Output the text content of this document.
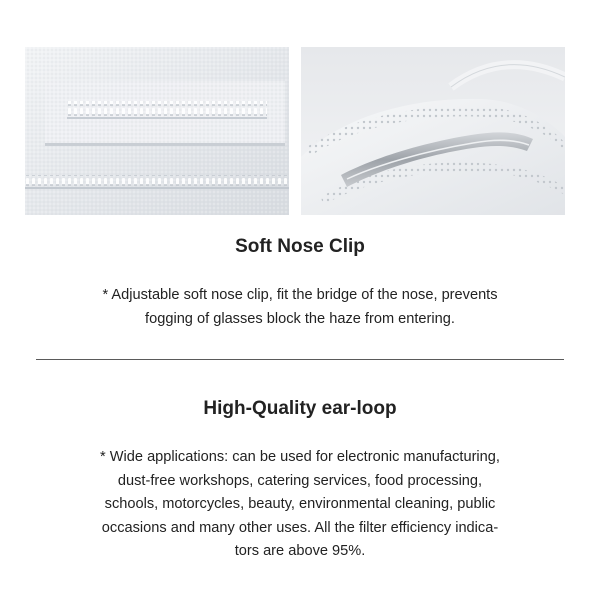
Soft Nose Clip

* Adjustable soft nose clip, fit the bridge of the nose, prevents
fogging of glasses block the haze from entering.

High-Quality ear-loop

* Wide applications: can be used for electronic manufacturing,
dust-free workshops, catering services, food processing,
schools, motorcycles, beauty, environmental cleaning, public
occasions and many other uses. All the filter efficiency indica-
tors are above 95%.
